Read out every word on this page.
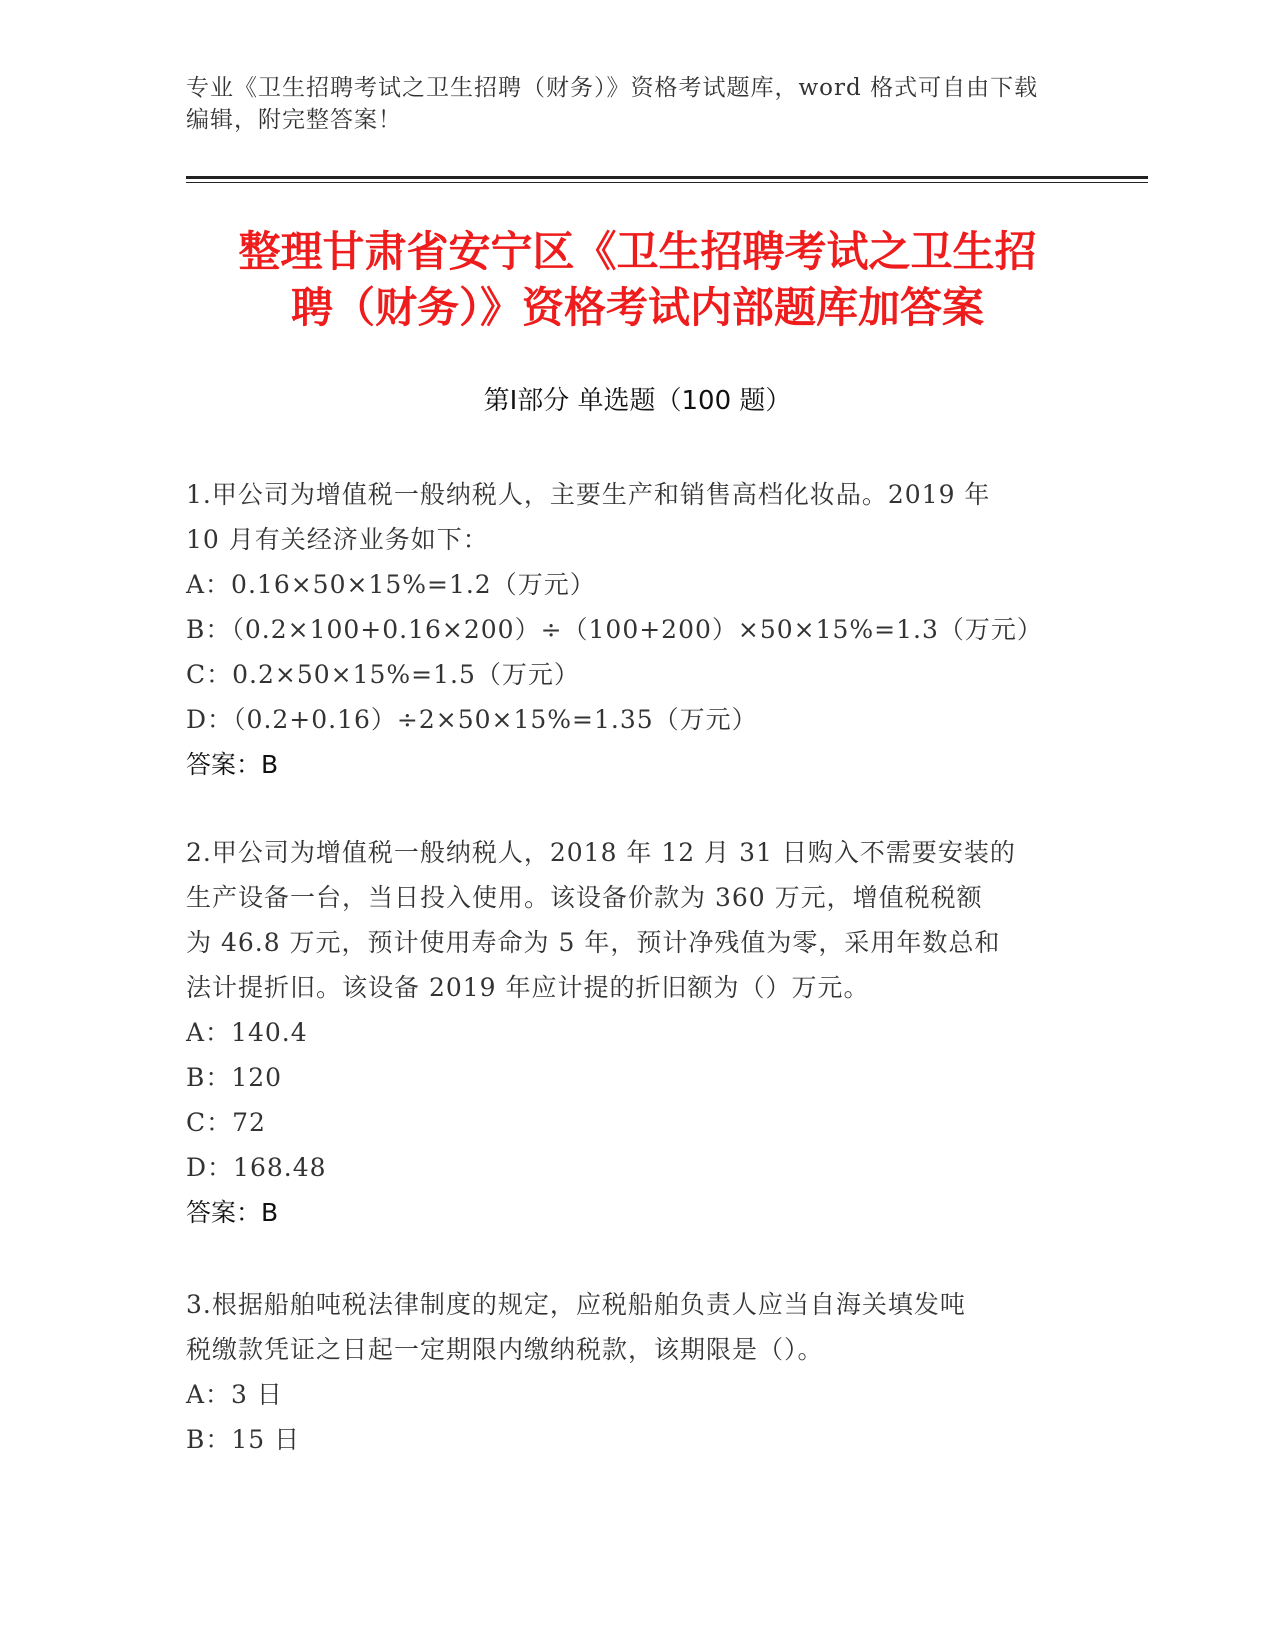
专业《卫生招聘考试之卫生招聘（财务）》资格考试题库，word 格式可自由下载
编辑，附完整答案！
整理甘肃省安宁区《卫生招聘考试之卫生招
聘（财务）》资格考试内部题库加答案
第Ⅰ部分 单选题（100 题）
1.甲公司为增值税一般纳税人，主要生产和销售高档化妆品。2019 年
10 月有关经济业务如下：
A：0.16×50×15%=1.2（万元）
B：（0.2×100+0.16×200）÷（100+200）×50×15%=1.3（万元）
C：0.2×50×15%=1.5（万元）
D：（0.2+0.16）÷2×50×15%=1.35（万元）
答案：B
2.甲公司为增值税一般纳税人，2018 年 12 月 31 日购入不需要安装的
生产设备一台，当日投入使用。该设备价款为 360 万元，增值税税额
为 46.8 万元，预计使用寿命为 5 年，预计净残值为零，采用年数总和
法计提折旧。该设备 2019 年应计提的折旧额为（）万元。
A：140.4
B：120
C：72
D：168.48
答案：B
3.根据船舶吨税法律制度的规定，应税船舶负责人应当自海关填发吨
税缴款凭证之日起一定期限内缴纳税款，该期限是（）。
A：3 日
B：15 日
